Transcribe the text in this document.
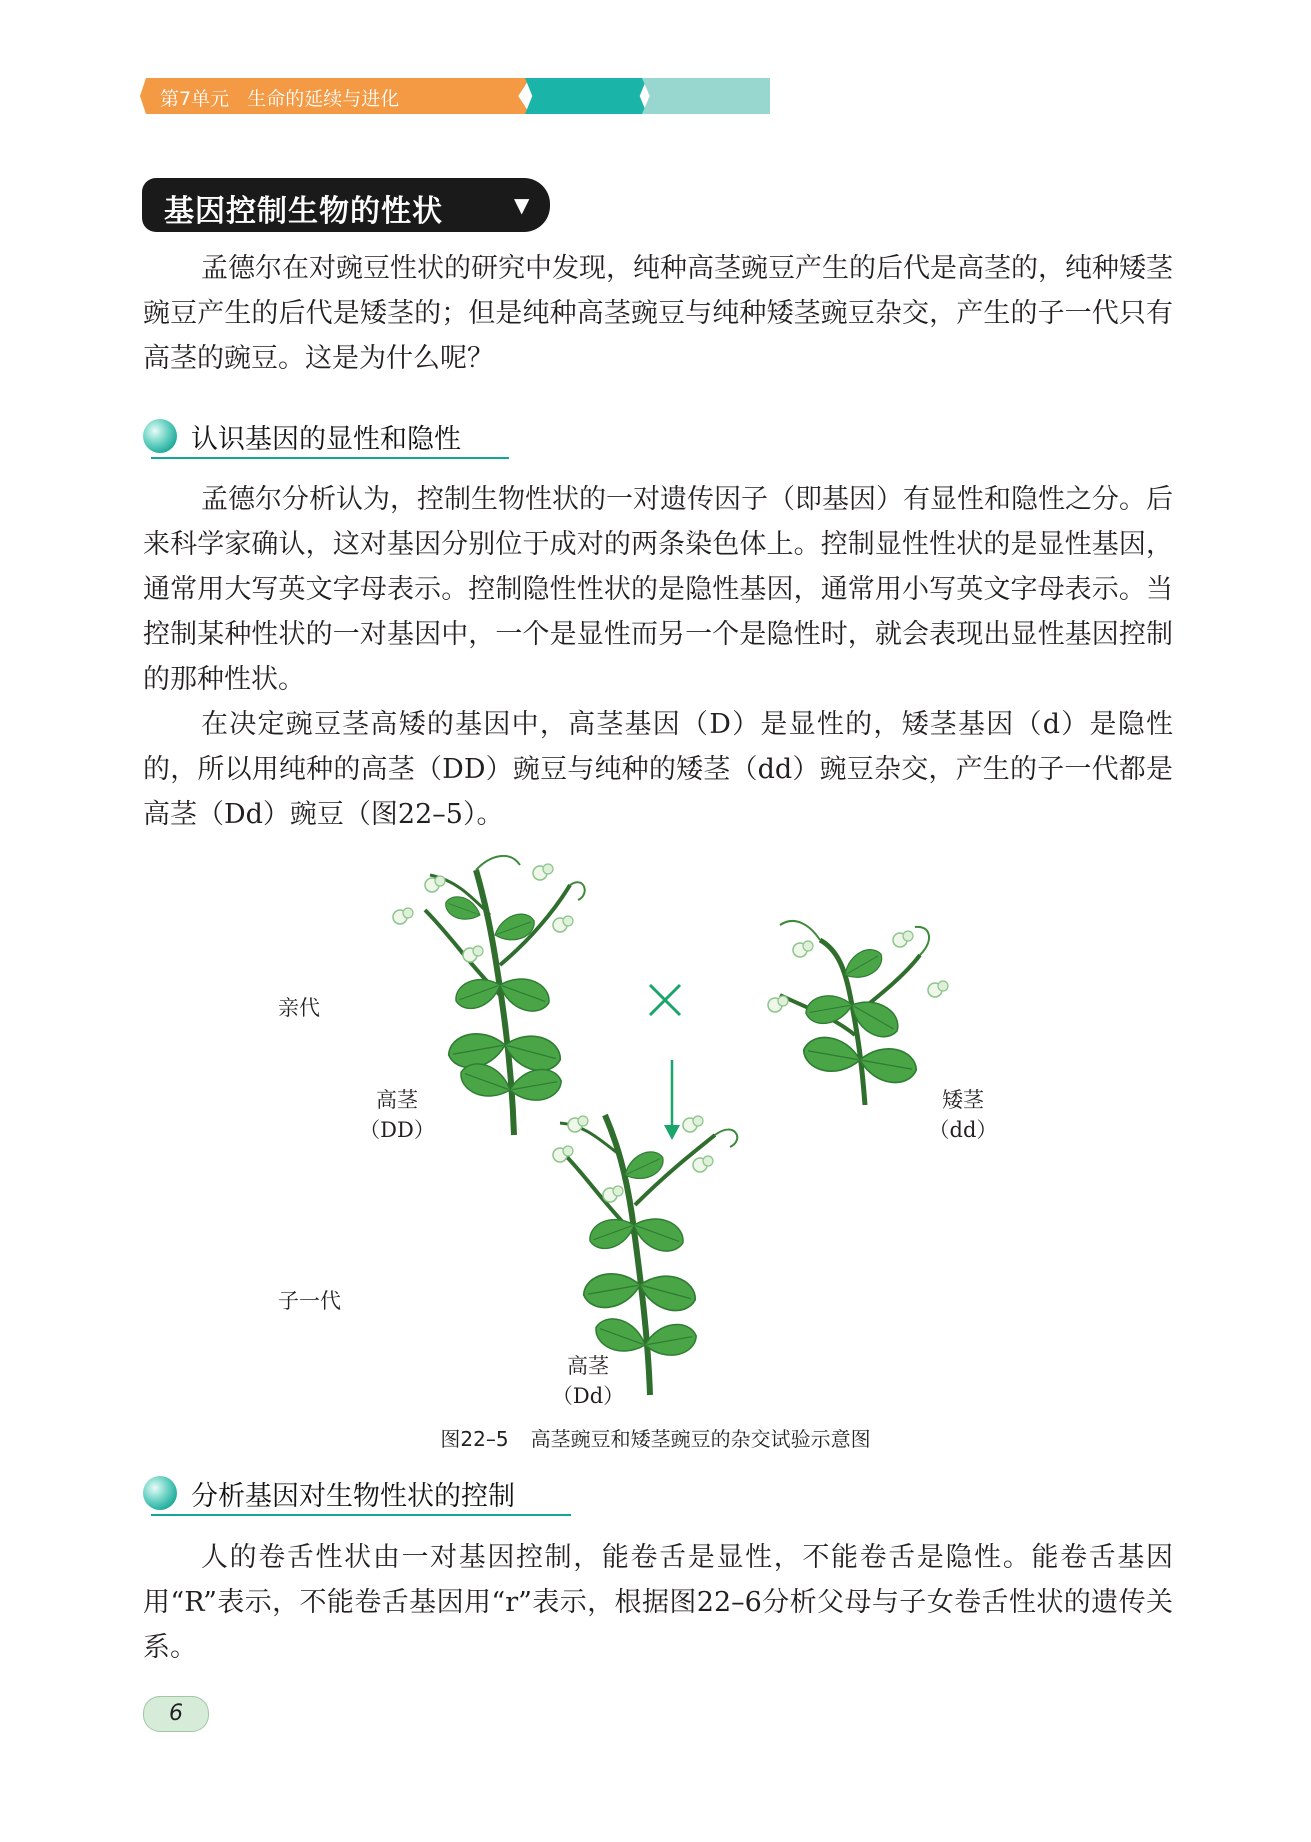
第7单元 生命的延续与进化
基因控制生物的性状	▼

孟德尔在对豌豆性状的研究中发现，纯种高茎豌豆产生的后代是高茎的，纯种矮茎豌豆产生的后代是矮茎的；但是纯种高茎豌豆与纯种矮茎豌豆杂交，产生的子一代只有高茎的豌豆。这是为什么呢？

认识基因的显性和隐性

孟德尔分析认为，控制生物性状的一对遗传因子（即基因）有显性和隐性之分。后来科学家确认，这对基因分别位于成对的两条染色体上。控制显性性状的是显性基因，通常用大写英文字母表示。控制隐性性状的是隐性基因，通常用小写英文字母表示。当控制某种性状的一对基因中，一个是显性而另一个是隐性时，就会表现出显性基因控制的那种性状。

在决定豌豆茎高矮的基因中，高茎基因（D）是显性的，矮茎基因（d）是隐性的，所以用纯种的高茎（DD）豌豆与纯种的矮茎（dd）豌豆杂交，产生的子一代都是高茎（Dd）豌豆（图22–5）。

亲代
子一代
高茎
（DD）
矮茎
（dd）
高茎
（Dd）
图22–5 高茎豌豆和矮茎豌豆的杂交试验示意图
分析基因对生物性状的控制

人的卷舌性状由一对基因控制，能卷舌是显性，不能卷舌是隐性。能卷舌基因用“R”表示，不能卷舌基因用“r”表示，根据图22–6分析父母与子女卷舌性状的遗传关系。

6
